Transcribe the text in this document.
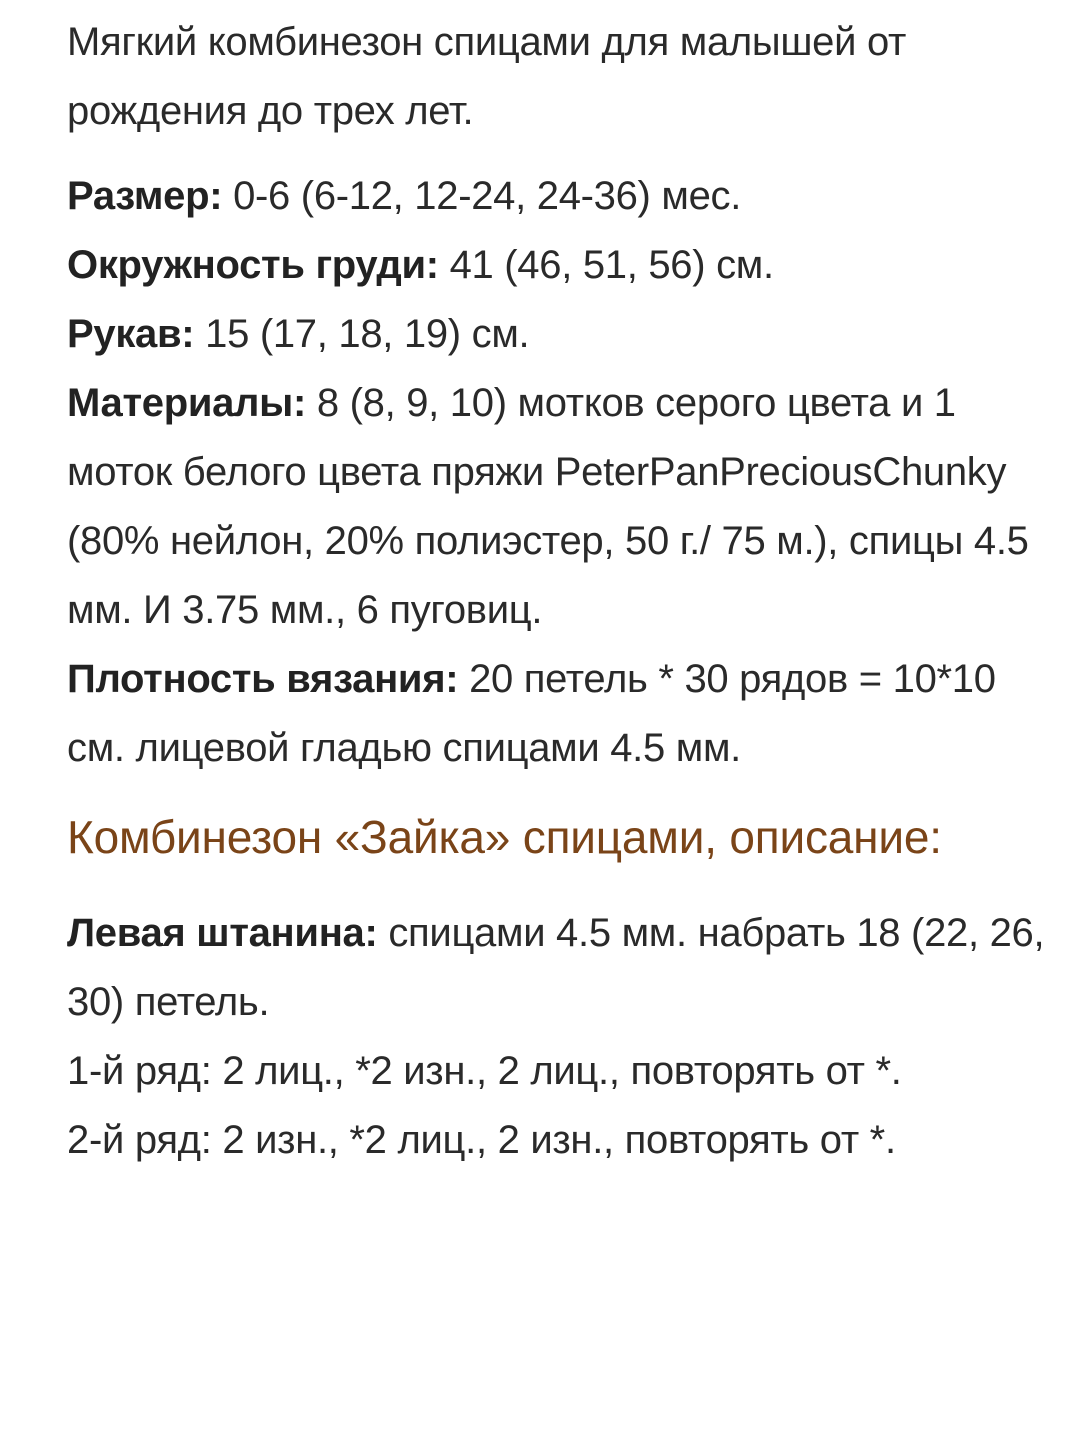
Мягкий комбинезон спицами для малышей от рождения до трех лет.

Размер: 0-6 (6-12, 12-24, 24-36) мес.

Окружность груди: 41 (46, 51, 56) см.

Рукав: 15 (17, 18, 19) см.

Материалы: 8 (8, 9, 10) мотков серого цвета и 1 моток белого цвета пряжи PeterPanPreciousChunky (80% нейлон, 20% полиэстер, 50 г./ 75 м.), спицы 4.5 мм. И 3.75 мм., 6 пуговиц.

Плотность вязания: 20 петель * 30 рядов = 10*10 см. лицевой гладью спицами 4.5 мм.

Комбинезон «Зайка» спицами, описание:

Левая штанина: спицами 4.5 мм. набрать 18 (22, 26, 30) петель.

1-й ряд: 2 лиц., *2 изн., 2 лиц., повторять от *.

2-й ряд: 2 изн., *2 лиц., 2 изн., повторять от *.
